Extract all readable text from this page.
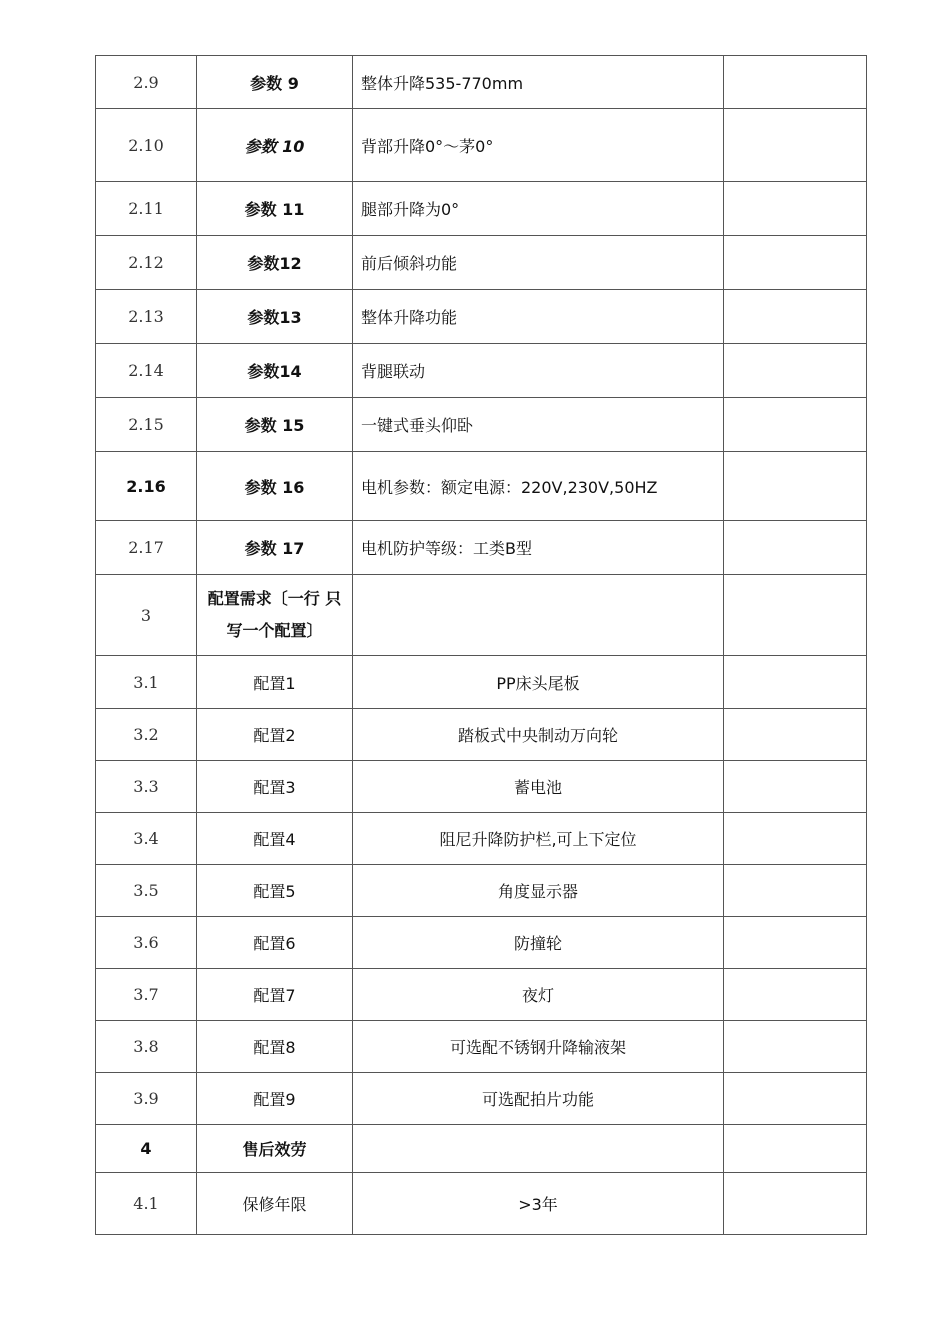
2.9	参数 9	整体升降535-770mm	
2.10	参数 10	背部升降0°〜茅0°	
2.11	参数 11	腿部升降为0°	
2.12	参数12	前后倾斜功能	
2.13	参数13	整体升降功能	
2.14	参数14	背腿联动	
2.15	参数 15	一键式垂头仰卧	
2.16	参数 16	电机参数：额定电源：220V,230V,50HZ	
2.17	参数 17	电机防护等级：工类B型	
3	配置需求〔一行 只写一个配置〕		
3.1	配置1	PP床头尾板	
3.2	配置2	踏板式中央制动万向轮	
3.3	配置3	蓄电池	
3.4	配置4	阻尼升降防护栏,可上下定位	
3.5	配置5	角度显示器	
3.6	配置6	防撞轮	
3.7	配置7	夜灯	
3.8	配置8	可选配不锈钢升降输液架	
3.9	配置9	可选配拍片功能	
4	售后效劳		
4.1	保修年限	>3年	
